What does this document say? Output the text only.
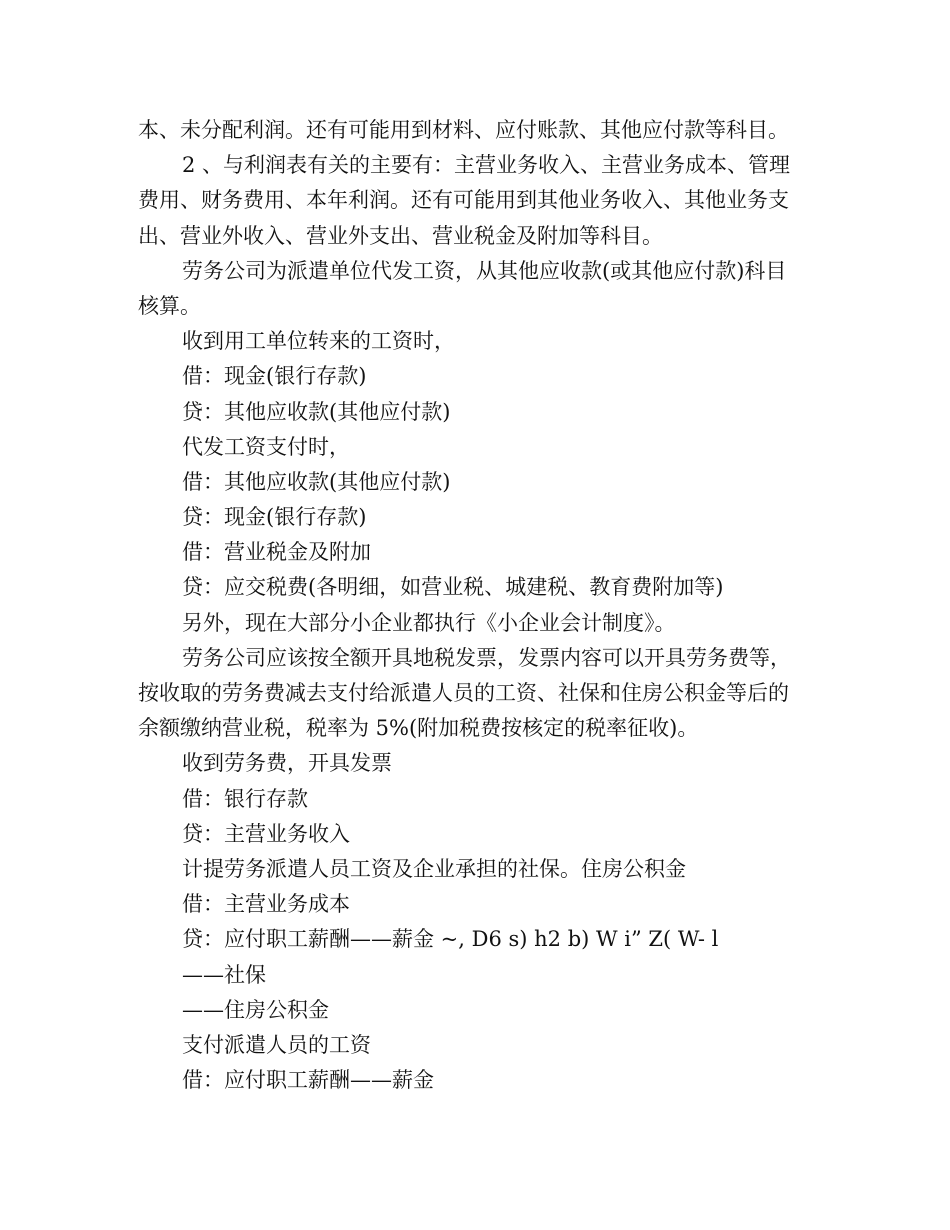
本、未分配利润。还有可能用到材料、应付账款、其他应付款等科目。
2 、与利润表有关的主要有：主营业务收入、主营业务成本、管理
费用、财务费用、本年利润。还有可能用到其他业务收入、其他业务支
出、营业外收入、营业外支出、营业税金及附加等科目。
劳务公司为派遣单位代发工资，从其他应收款(或其他应付款)科目
核算。
收到用工单位转来的工资时，
借：现金(银行存款)
贷：其他应收款(其他应付款)
代发工资支付时，
借：其他应收款(其他应付款)
贷：现金(银行存款)
借：营业税金及附加
贷：应交税费(各明细，如营业税、城建税、教育费附加等)
另外，现在大部分小企业都执行《小企业会计制度》。
劳务公司应该按全额开具地税发票，发票内容可以开具劳务费等，
按收取的劳务费减去支付给派遣人员的工资、社保和住房公积金等后的
余额缴纳营业税，税率为 5%(附加税费按核定的税率征收)。
收到劳务费，开具发票
借：银行存款
贷：主营业务收入
计提劳务派遣人员工资及企业承担的社保。住房公积金
借：主营业务成本
贷：应付职工薪酬——薪金 ~, D6 s) h2 b) W i” Z( W- l
——社保
——住房公积金
支付派遣人员的工资
借：应付职工薪酬——薪金
